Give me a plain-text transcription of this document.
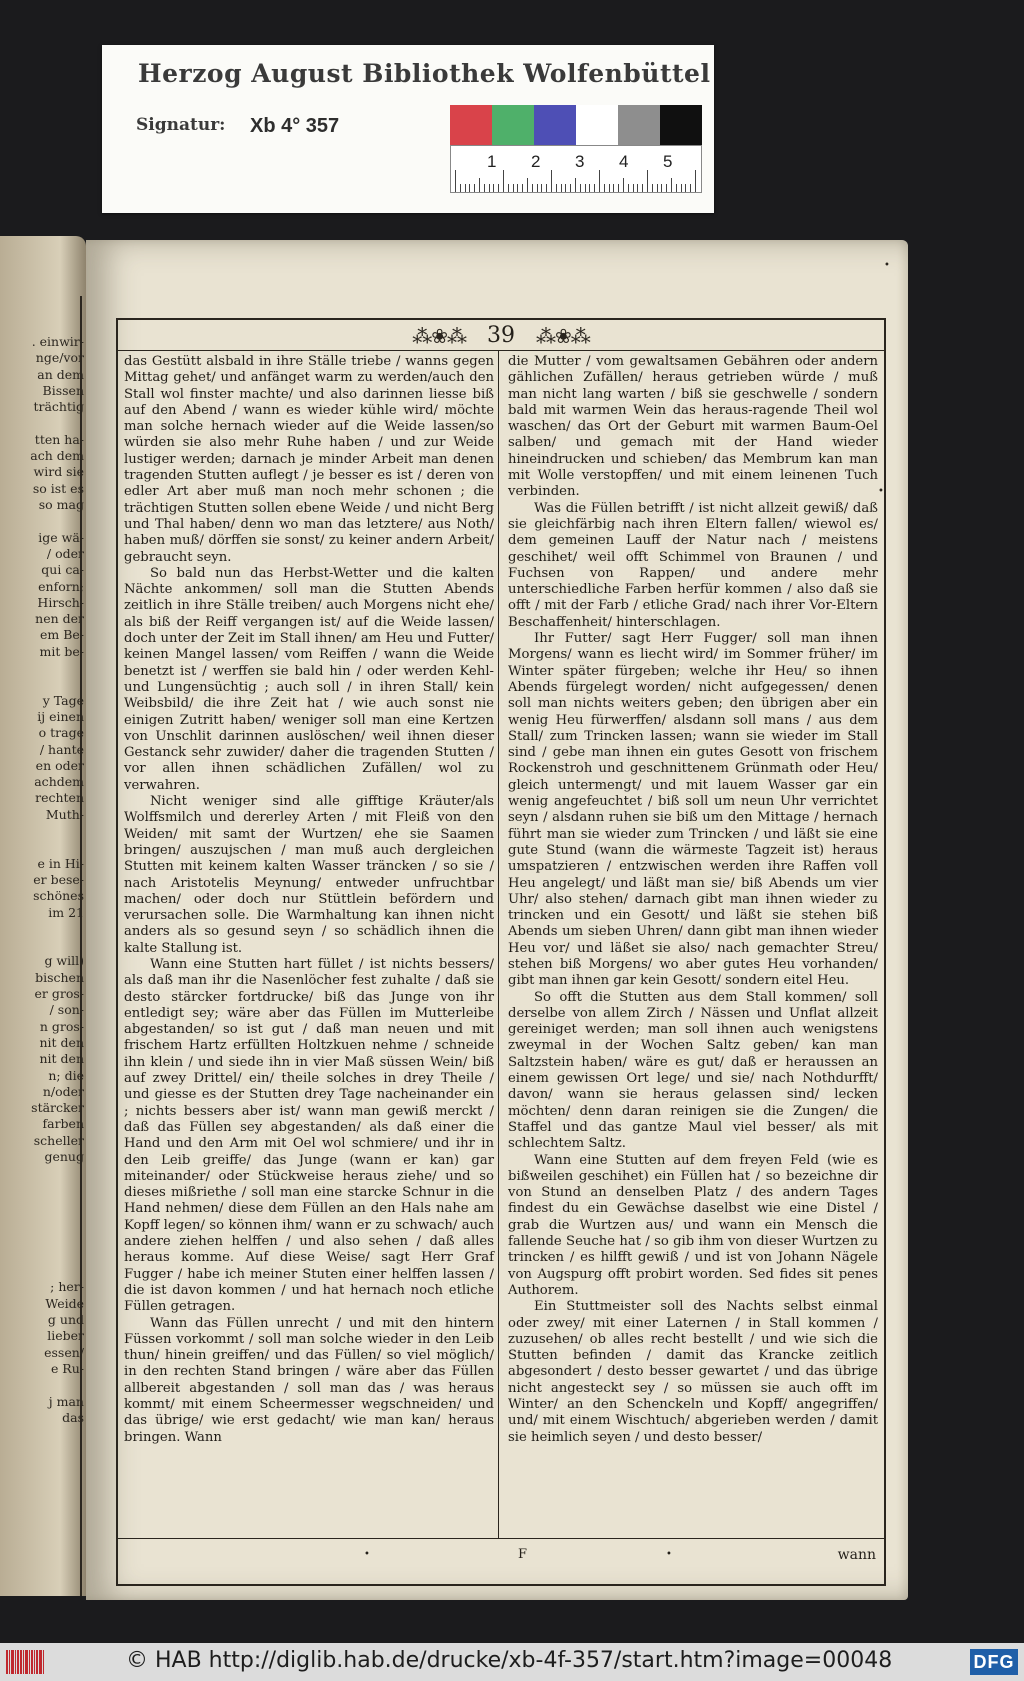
. einwir-
nge/vor
an dem
Bissen
trächtig
tten ha-
ach dem
wird sie
so ist es
so mag
ige wä-
/ oder
qui ca-
enforn;
Hirsch-
nen der
em Be-
mit be-
y Tage
ij einen
o trage
/ hante
en oder
achdem
rechten
Muth-
e in Hi-
er bese-
schönes
im 21
g will)
bischen
er gros-
/ son-
n gros-
nit den
nit den
n; die
n/oder
stärcker
farben
scheller
genug
; her-
Weide
g und
lieber
essen/
e Ru-
j man
das
•
•
⁂❀⁂ 39 ⁂❀⁂

das Gestütt alsbald in ihre Ställe triebe / wanns gegen Mittag gehet/ und anfänget warm zu werden/auch den Stall wol finster machte/ und also darinnen liesse biß auf den Abend / wann es wieder kühle wird/ möchte man solche hernach wieder auf die Weide lassen/so würden sie also mehr Ruhe haben / und zur Weide lustiger werden; darnach je minder Arbeit man denen tragenden Stutten auflegt / je besser es ist / deren von edler Art aber muß man noch mehr schonen ; die trächtigen Stutten sollen ebene Weide / und nicht Berg und Thal haben/ denn wo man das letztere/ aus Noth/ haben muß/ dörffen sie sonst/ zu keiner andern Arbeit/ gebraucht seyn.

So bald nun das Herbst-Wetter und die kalten Nächte ankommen/ soll man die Stutten Abends zeitlich in ihre Ställe treiben/ auch Morgens nicht ehe/ als biß der Reiff vergangen ist/ auf die Weide lassen/ doch unter der Zeit im Stall ihnen/ am Heu und Futter/ keinen Mangel lassen/ vom Reiffen / wann die Weide benetzt ist / werffen sie bald hin / oder werden Kehl- und Lungensüchtig ; auch soll / in ihren Stall/ kein Weibsbild/ die ihre Zeit hat / wie auch sonst nie einigen Zutritt haben/ weniger soll man eine Kertzen von Unschlit darinnen auslöschen/ weil ihnen dieser Gestanck sehr zuwider/ daher die tragenden Stutten / vor allen ihnen schädlichen Zufällen/ wol zu verwahren.

Nicht weniger sind alle gifftige Kräuter/als Wolffsmilch und dererley Arten / mit Fleiß von den Weiden/ mit samt der Wurtzen/ ehe sie Saamen bringen/ auszujschen / man muß auch dergleichen Stutten mit keinem kalten Wasser träncken / so sie / nach Aristotelis Meynung/ entweder unfruchtbar machen/ oder doch nur Stüttlein befördern und verursachen solle. Die Warmhaltung kan ihnen nicht anders als so gesund seyn / so schädlich ihnen die kalte Stallung ist.

Wann eine Stutten hart füllet / ist nichts bessers/ als daß man ihr die Nasenlöcher fest zuhalte / daß sie desto stärcker fortdrucke/ biß das Junge von ihr entledigt sey; wäre aber das Füllen im Mutterleibe abgestanden/ so ist gut / daß man neuen und mit frischem Hartz erfüllten Holtzkuen nehme / schneide ihn klein / und siede ihn in vier Maß süssen Wein/ biß auf zwey Drittel/ ein/ theile solches in drey Theile / und giesse es der Stutten drey Tage nacheinander ein ; nichts bessers aber ist/ wann man gewiß merckt / daß das Füllen sey abgestanden/ als daß einer die Hand und den Arm mit Oel wol schmiere/ und ihr in den Leib greiffe/ das Junge (wann er kan) gar miteinander/ oder Stückweise heraus ziehe/ und so dieses mißriethe / soll man eine starcke Schnur in die Hand nehmen/ diese dem Füllen an den Hals nahe am Kopff legen/ so können ihm/ wann er zu schwach/ auch andere ziehen helffen / und also sehen / daß alles heraus komme. Auf diese Weise/ sagt Herr Graf Fugger / habe ich meiner Stuten einer helffen lassen / die ist davon kommen / und hat hernach noch etliche Füllen getragen.

Wann das Füllen unrecht / und mit den hintern Füssen vorkommt / soll man solche wieder in den Leib thun/ hinein greiffen/ und das Füllen/ so viel möglich/ in den rechten Stand bringen / wäre aber das Füllen allbereit abgestanden / soll man das / was heraus kommt/ mit einem Scheermesser wegschneiden/ und das übrige/ wie erst gedacht/ wie man kan/ heraus bringen. Wann

die Mutter / vom gewaltsamen Gebähren oder andern gählichen Zufällen/ heraus getrieben würde / muß man nicht lang warten / biß sie geschwelle / sondern bald mit warmen Wein das heraus-ragende Theil wol waschen/ das Ort der Geburt mit warmen Baum-Oel salben/ und gemach mit der Hand wieder hineindrucken und schieben/ das Membrum kan man mit Wolle verstopffen/ und mit einem leinenen Tuch verbinden.

Was die Füllen betrifft / ist nicht allzeit gewiß/ daß sie gleichfärbig nach ihren Eltern fallen/ wiewol es/ dem gemeinen Lauff der Natur nach / meistens geschihet/ weil offt Schimmel von Braunen / und Fuchsen von Rappen/ und andere mehr unterschiedliche Farben herfür kommen / also daß sie offt / mit der Farb / etliche Grad/ nach ihrer Vor-Eltern Beschaffenheit/ hinterschlagen.

Ihr Futter/ sagt Herr Fugger/ soll man ihnen Morgens/ wann es liecht wird/ im Sommer früher/ im Winter später fürgeben; welche ihr Heu/ so ihnen Abends fürgelegt worden/ nicht aufgegessen/ denen soll man nichts weiters geben; den übrigen aber ein wenig Heu fürwerffen/ alsdann soll mans / aus dem Stall/ zum Trincken lassen; wann sie wieder im Stall sind / gebe man ihnen ein gutes Gesott von frischem Rockenstroh und geschnittenem Grünmath oder Heu/ gleich untermengt/ und mit lauem Wasser gar ein wenig angefeuchtet / biß soll um neun Uhr verrichtet seyn / alsdann ruhen sie biß um den Mittage / hernach führt man sie wieder zum Trincken / und läßt sie eine gute Stund (wann die wärmeste Tagzeit ist) heraus umspatzieren / entzwischen werden ihre Raffen voll Heu angelegt/ und läßt man sie/ biß Abends um vier Uhr/ also stehen/ darnach gibt man ihnen wieder zu trincken und ein Gesott/ und läßt sie stehen biß Abends um sieben Uhren/ dann gibt man ihnen wieder Heu vor/ und läßet sie also/ nach gemachter Streu/ stehen biß Morgens/ wo aber gutes Heu vorhanden/ gibt man ihnen gar kein Gesott/ sondern eitel Heu.

So offt die Stutten aus dem Stall kommen/ soll derselbe von allem Zirch / Nässen und Unflat allzeit gereiniget werden; man soll ihnen auch wenigstens zweymal in der Wochen Saltz geben/ kan man Saltzstein haben/ wäre es gut/ daß er heraussen an einem gewissen Ort lege/ und sie/ nach Nothdurfft/ davon/ wann sie heraus gelassen sind/ lecken möchten/ denn daran reinigen sie die Zungen/ die Staffel und das gantze Maul viel besser/ als mit schlechtem Saltz.

Wann eine Stutten auf dem freyen Feld (wie es bißweilen geschihet) ein Füllen hat / so bezeichne dir von Stund an denselben Platz / des andern Tages findest du ein Gewächse daselbst wie eine Distel / grab die Wurtzen aus/ und wann ein Mensch die fallende Seuche hat / so gib ihm von dieser Wurtzen zu trincken / es hilfft gewiß / und ist von Johann Nägele von Augspurg offt probirt worden. Sed fides sit penes Authorem.

Ein Stuttmeister soll des Nachts selbst einmal oder zwey/ mit einer Laternen / in Stall kommen / zuzusehen/ ob alles recht bestellt / und wie sich die Stutten befinden / damit das Krancke zeitlich abgesondert / desto besser gewartet / und das übrige nicht angesteckt sey / so müssen sie auch offt im Winter/ an den Schenckeln und Kopff/ angegriffen/ und/ mit einem Wischtuch/ abgerieben werden / damit sie heimlich seyen / und desto besser/

•	F	•	wann
Herzog August Bibliothek Wolfenbüttel
Signatur: Xb 4° 357
1 2 3 4 5
© HAB http://diglib.hab.de/drucke/xb-4f-357/start.htm?image=00048	DFG
